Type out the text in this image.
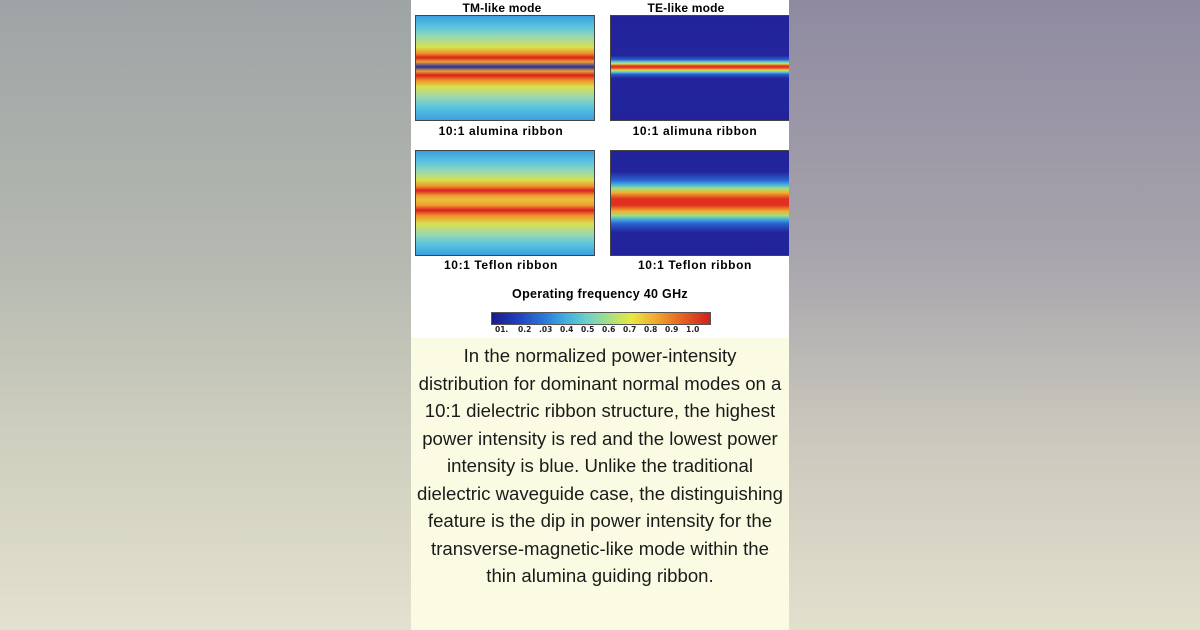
TM-like mode	TE-like mode
10:1 alumina ribbon	10:1 alimuna ribbon
10:1 Teflon ribbon	10:1 Teflon ribbon
Operating frequency 40 GHz
01. 0.2 .03 0.4 0.5 0.6 0.7 0.8 0.9 1.0

In the normalized power-intensity distribution for dominant normal modes on a 10:1 dielectric ribbon structure, the highest power intensity is red and the lowest power intensity is blue. Unlike the traditional dielectric waveguide case, the distinguishing feature is the dip in power intensity for the transverse-magnetic-like mode within the thin alumina guiding ribbon.
